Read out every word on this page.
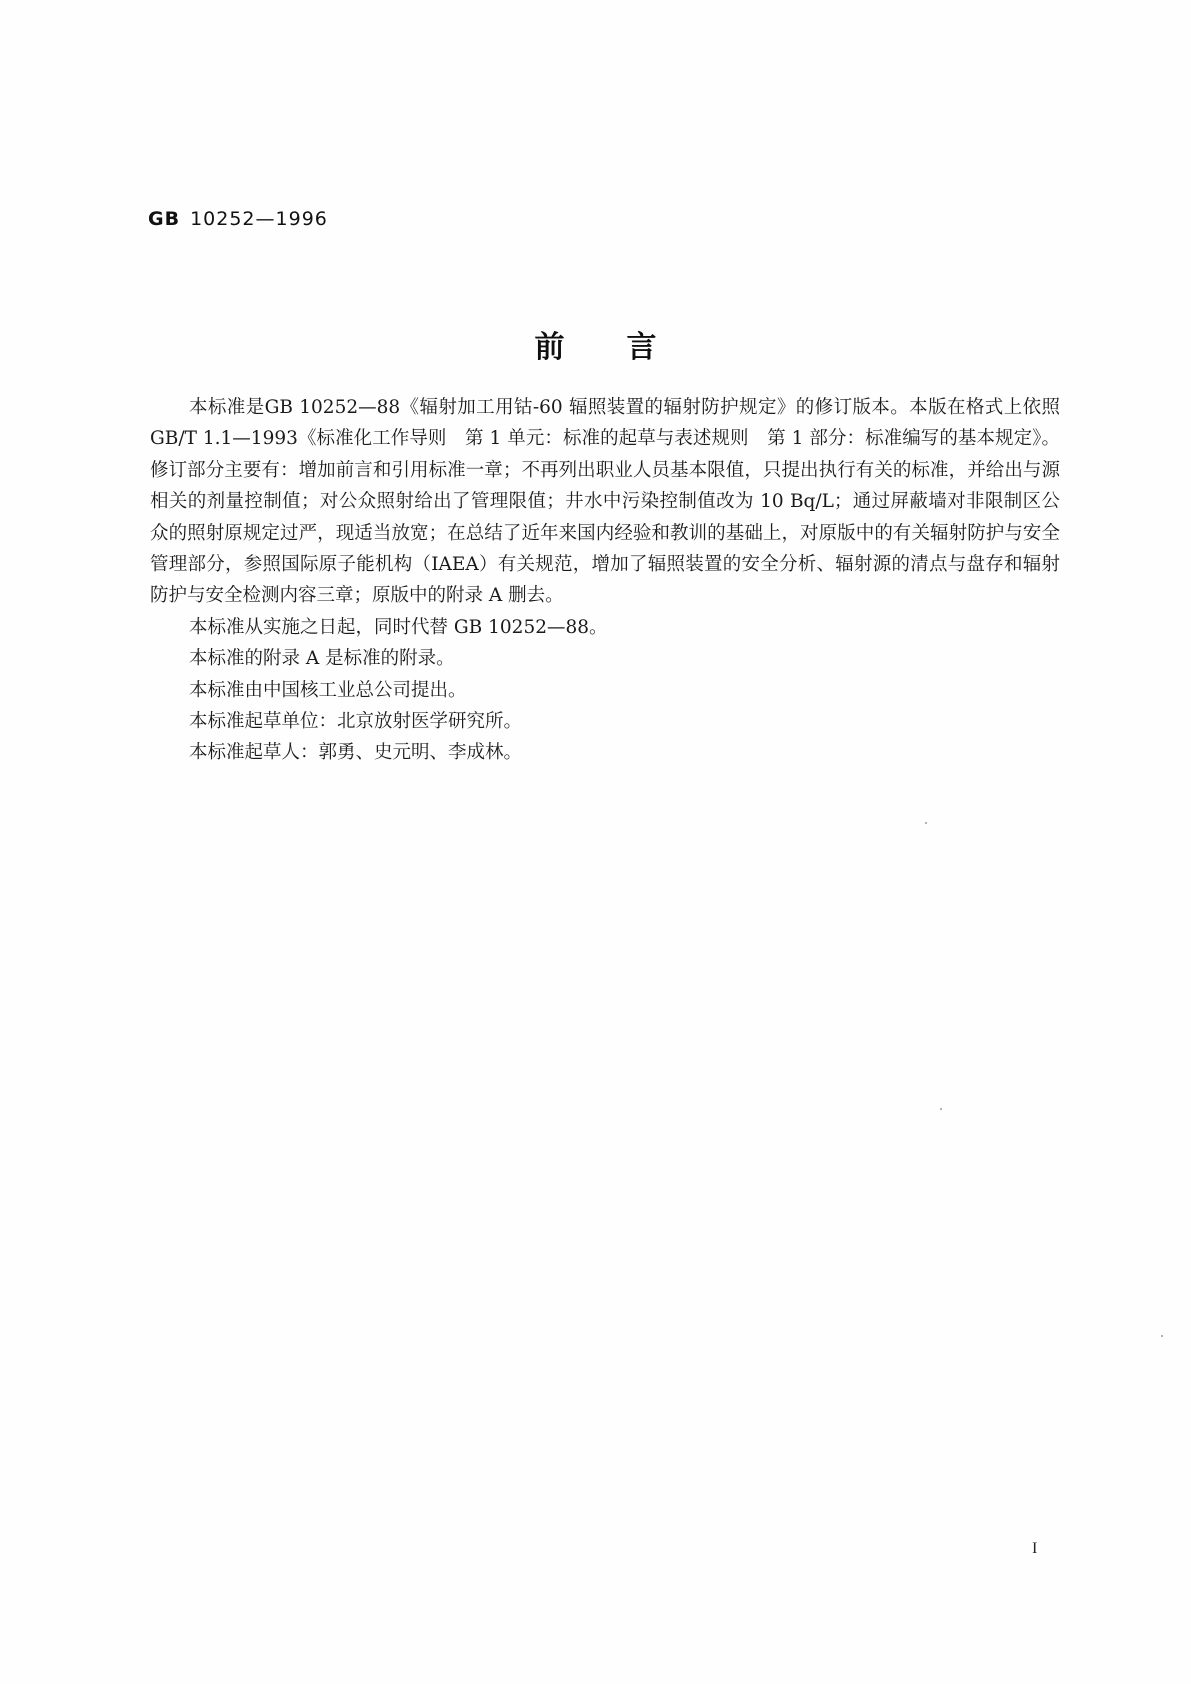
GB 10252—1996
前言

本标准是GB 10252—88《辐射加工用钴-60 辐照装置的辐射防护规定》的修订版本。本版在格式上依照GB/T 1.1—1993《标准化工作导则　第 1 单元：标准的起草与表述规则　第 1 部分：标准编写的基本规定》。修订部分主要有：增加前言和引用标准一章；不再列出职业人员基本限值，只提出执行有关的标准，并给出与源相关的剂量控制值；对公众照射给出了管理限值；井水中污染控制值改为 10 Bq/L；通过屏蔽墙对非限制区公众的照射原规定过严，现适当放宽；在总结了近年来国内经验和教训的基础上，对原版中的有关辐射防护与安全管理部分，参照国际原子能机构（IAEA）有关规范，增加了辐照装置的安全分析、辐射源的清点与盘存和辐射防护与安全检测内容三章；原版中的附录 A 删去。

本标准从实施之日起，同时代替 GB 10252—88。

本标准的附录 A 是标准的附录。

本标准由中国核工业总公司提出。

本标准起草单位：北京放射医学研究所。

本标准起草人：郭勇、史元明、李成林。

I
